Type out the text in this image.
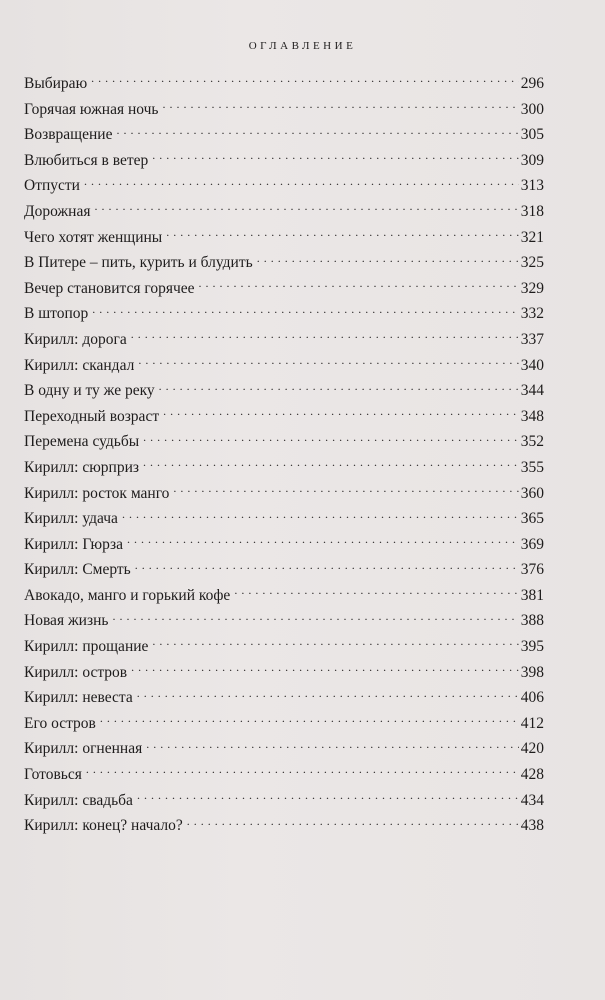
ОГЛАВЛЕНИЕ
Выбираю . . .	296
Горячая южная ночь . . .	300
Возвращение . . .	305
Влюбиться в ветер . . .	309
Отпусти . . .	313
Дорожная . . .	318
Чего хотят женщины . . .	321
В Питере – пить, курить и блудить . . .	325
Вечер становится горячее . . .	329
В штопор . . .	332
Кирилл: дорога . . .	337
Кирилл: скандал . . .	340
В одну и ту же реку . . .	344
Переходный возраст . . .	348
Перемена судьбы . . .	352
Кирилл: сюрприз . . .	355
Кирилл: росток манго . . .	360
Кирилл: удача . . .	365
Кирилл: Гюрза . . .	369
Кирилл: Смерть . . .	376
Авокадо, манго и горький кофе . . .	381
Новая жизнь . . .	388
Кирилл: прощание . . .	395
Кирилл: остров . . .	398
Кирилл: невеста . . .	406
Его остров . . .	412
Кирилл: огненная . . .	420
Готовься . . .	428
Кирилл: свадьба . . .	434
Кирилл: конец? начало? . . .	438
